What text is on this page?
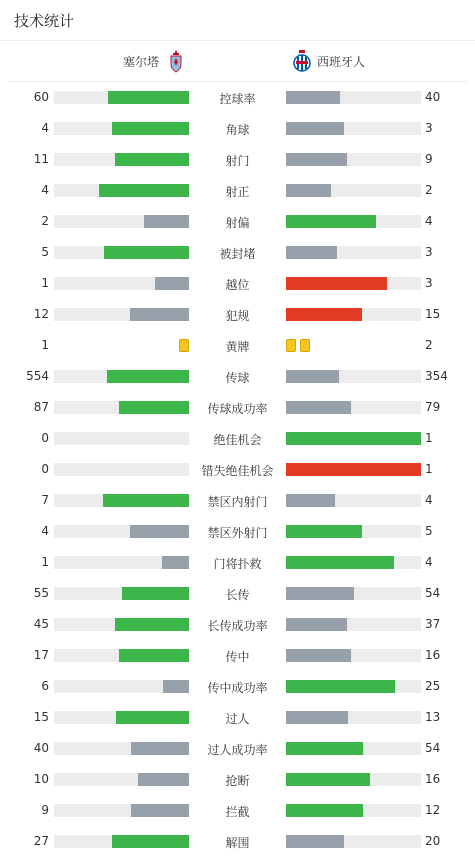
技术统计
塞尔塔	西班牙人
60	控球率	40
4	角球	3
11	射门	9
4	射正	2
2	射偏	4
5	被封堵	3
1	越位	3
12	犯规	15
1	黄牌	2
554	传球	354
87	传球成功率	79
0	绝佳机会	1
0	错失绝佳机会	1
7	禁区内射门	4
4	禁区外射门	5
1	门将扑救	4
55	长传	54
45	长传成功率	37
17	传中	16
6	传中成功率	25
15	过人	13
40	过人成功率	54
10	抢断	16
9	拦截	12
27	解围	20
